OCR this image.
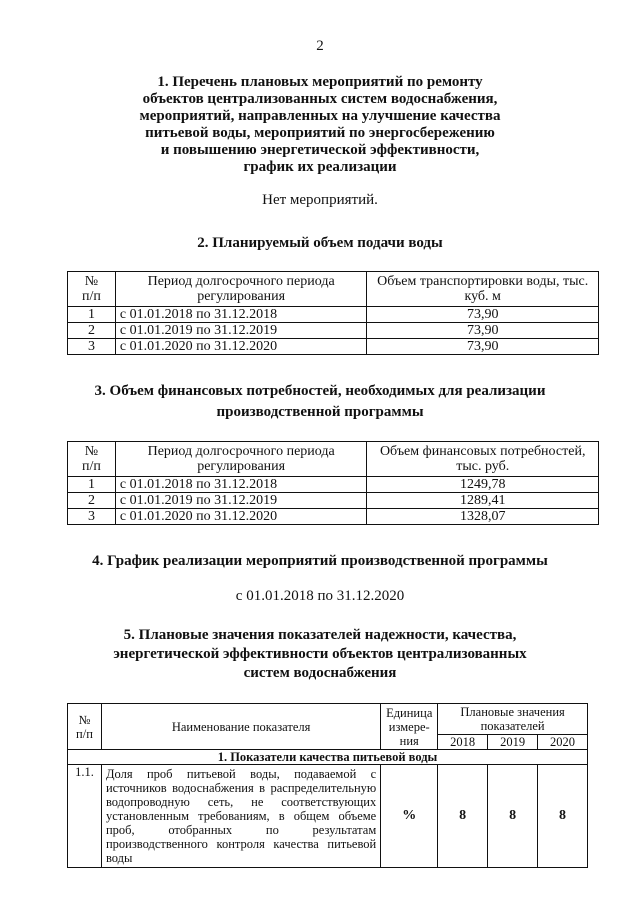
2
1. Перечень плановых мероприятий по ремонту
объектов централизованных систем водоснабжения,
мероприятий, направленных на улучшение качества
питьевой воды, мероприятий по энергосбережению
и повышению энергетической эффективности,
график их реализации
Нет мероприятий.
2. Планируемый объем подачи воды
№
п/п	Период долгосрочного периода регулирования	Объем транспортировки воды, тыс. куб. м
1	с 01.01.2018 по 31.12.2018	73,90
2	с 01.01.2019 по 31.12.2019	73,90
3	с 01.01.2020 по 31.12.2020	73,90
3. Объем финансовых потребностей, необходимых для реализации
производственной программы
№
п/п	Период долгосрочного периода регулирования	Объем финансовых потребностей, тыс. руб.
1	с 01.01.2018 по 31.12.2018	1249,78
2	с 01.01.2019 по 31.12.2019	1289,41
3	с 01.01.2020 по 31.12.2020	1328,07
4. График реализации мероприятий производственной программы
с 01.01.2018 по 31.12.2020
5. Плановые значения показателей надежности, качества,
энергетической эффективности объектов централизованных
систем водоснабжения
№
п/п	Наименование показателя	Единица измере-ния	Плановые значения показателей		
			2018	2019	2020
1. Показатели качества питьевой воды					
1.1.	Доля проб питьевой воды, подаваемой с источников водоснабжения в распределительную водопроводную сеть, не соответствующих установленным требованиям, в общем объеме проб, отобранных по результатам производственного контроля качества питьевой воды	%	8	8	8
